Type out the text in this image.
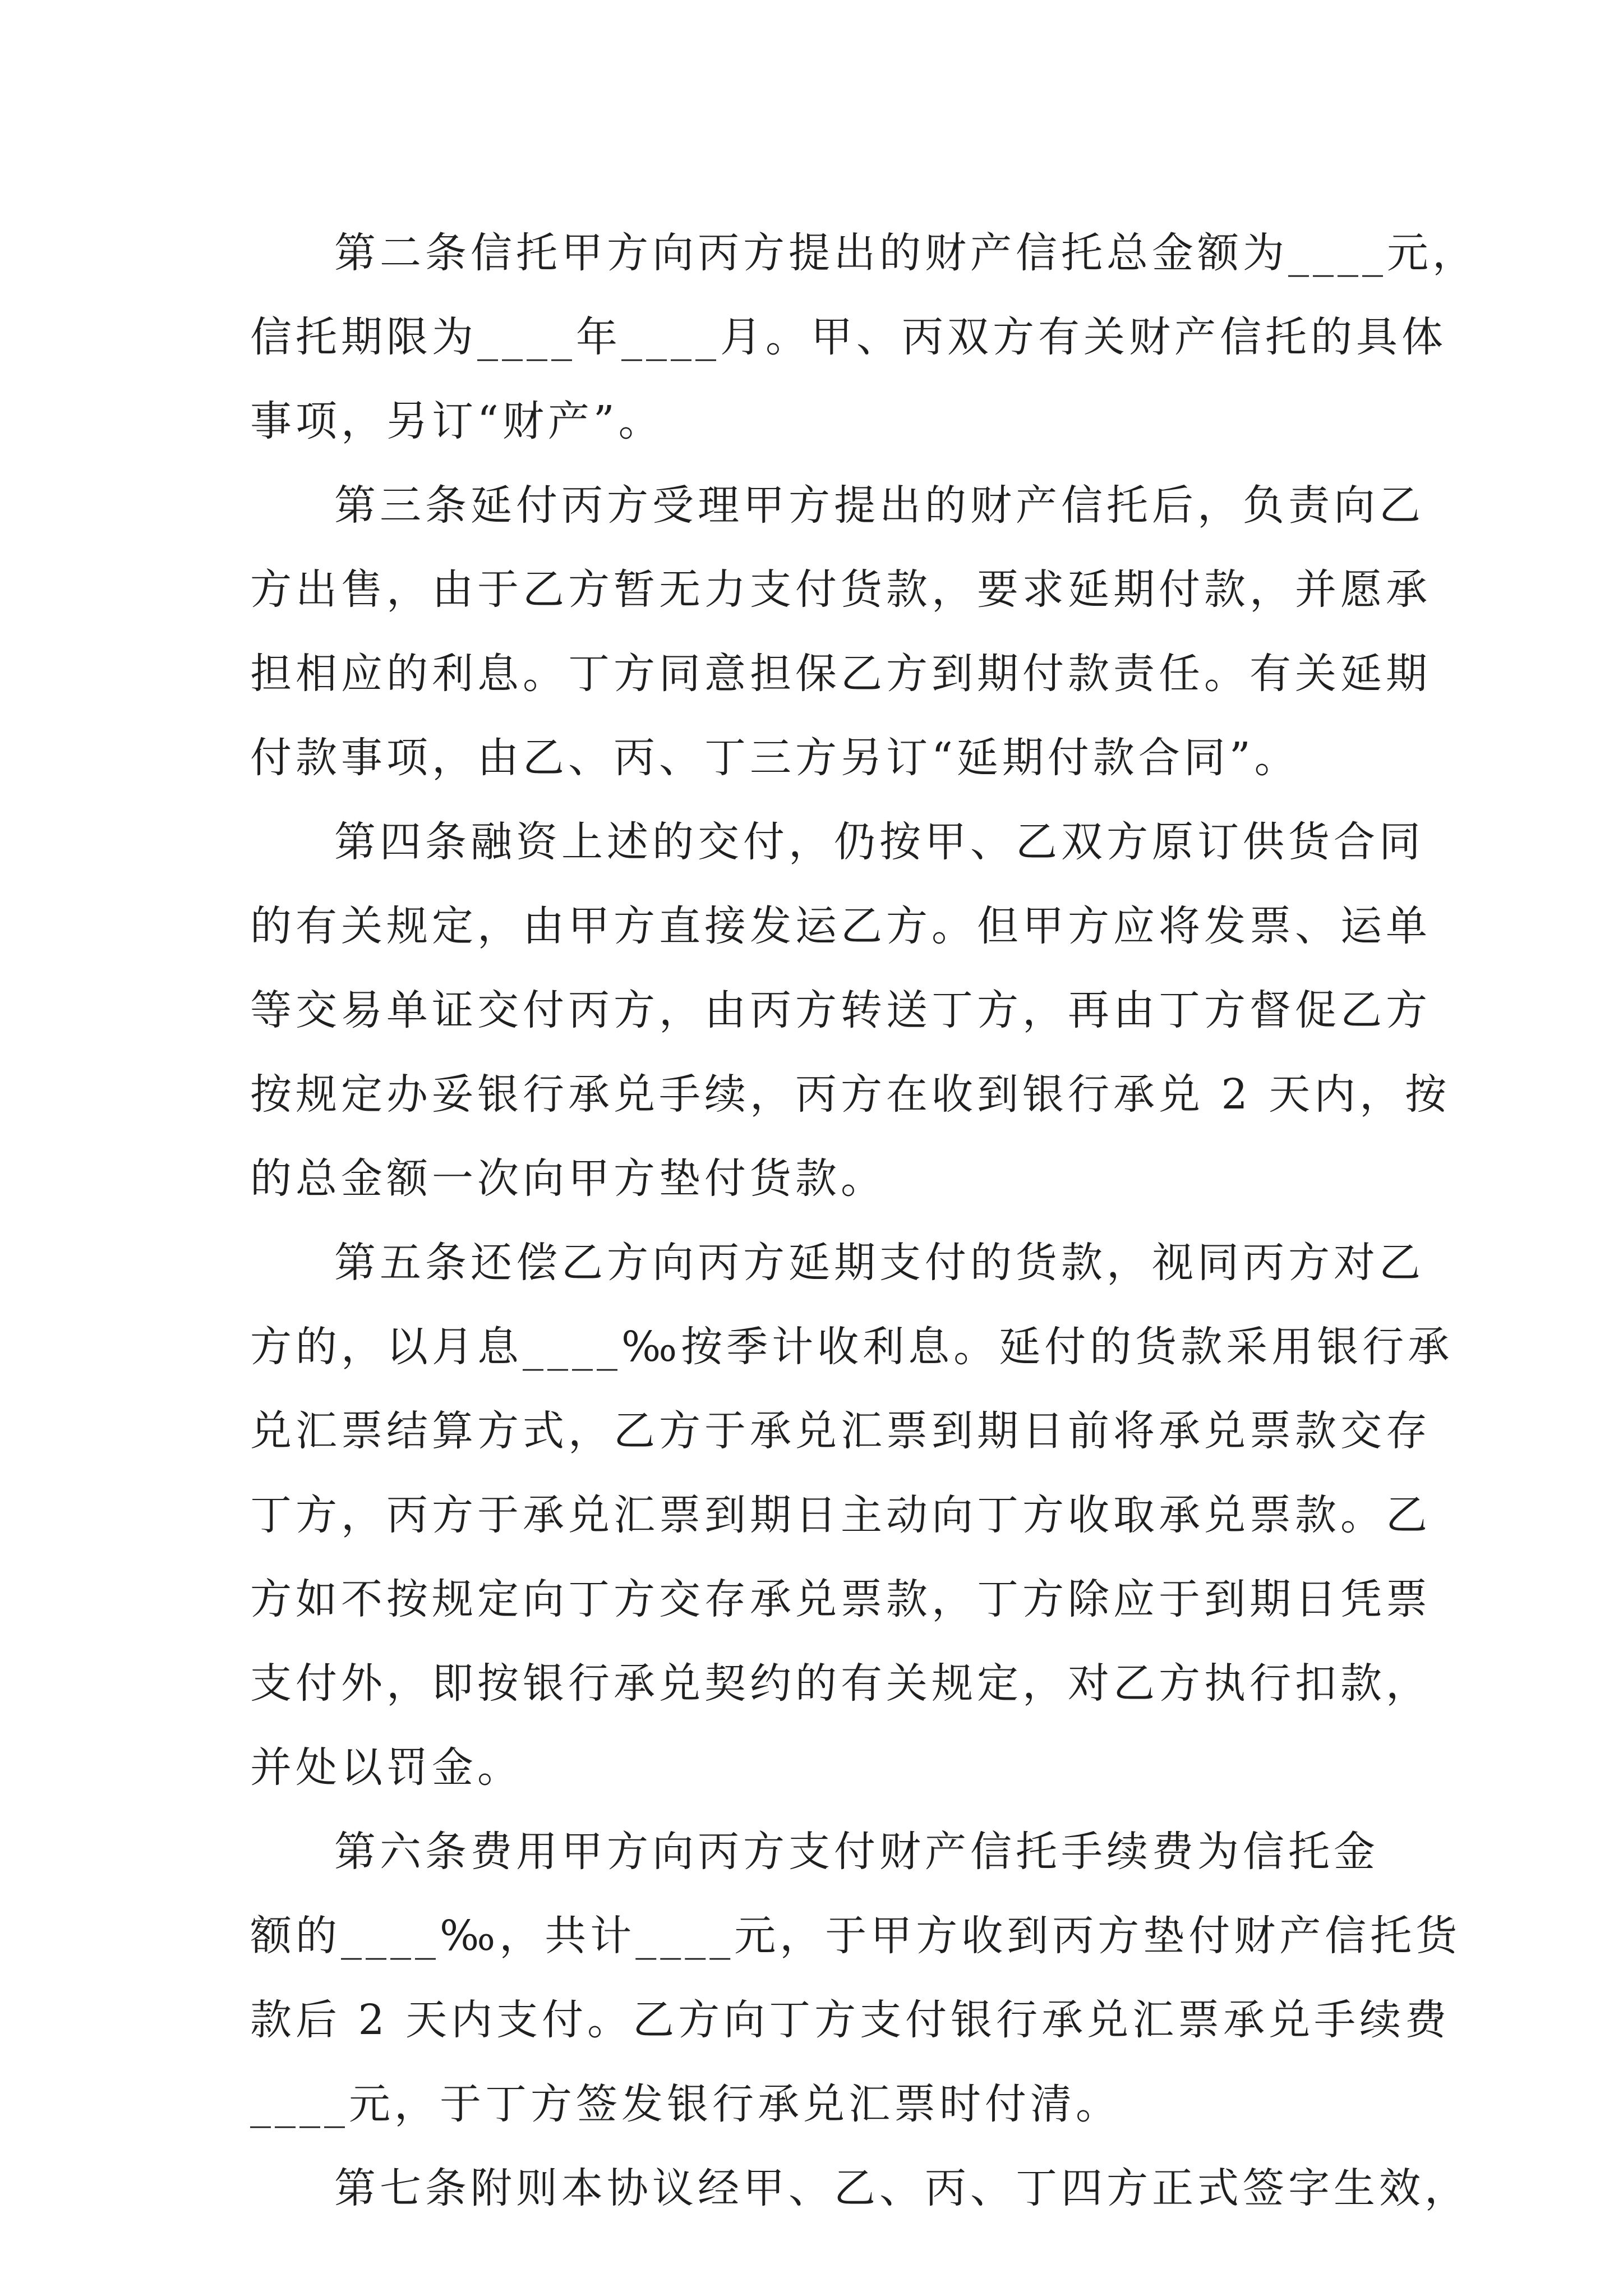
第二条信托甲方向丙方提出的财产信托总金额为____元，
信托期限为____年____月。甲、丙双方有关财产信托的具体
事项，另订“财产”。
第三条延付丙方受理甲方提出的财产信托后，负责向乙
方出售，由于乙方暂无力支付货款，要求延期付款，并愿承
担相应的利息。丁方同意担保乙方到期付款责任。有关延期
付款事项，由乙、丙、丁三方另订“延期付款合同”。
第四条融资上述的交付，仍按甲、乙双方原订供货合同
的有关规定，由甲方直接发运乙方。但甲方应将发票、运单
等交易单证交付丙方，由丙方转送丁方，再由丁方督促乙方
按规定办妥银行承兑手续，丙方在收到银行承兑 2 天内，按
的总金额一次向甲方垫付货款。
第五条还偿乙方向丙方延期支付的货款，视同丙方对乙
方的，以月息____‰按季计收利息。延付的货款采用银行承
兑汇票结算方式，乙方于承兑汇票到期日前将承兑票款交存
丁方，丙方于承兑汇票到期日主动向丁方收取承兑票款。乙
方如不按规定向丁方交存承兑票款，丁方除应于到期日凭票
支付外，即按银行承兑契约的有关规定，对乙方执行扣款，
并处以罚金。
第六条费用甲方向丙方支付财产信托手续费为信托金
额的____‰，共计____元，于甲方收到丙方垫付财产信托货
款后 2 天内支付。乙方向丁方支付银行承兑汇票承兑手续费
____元，于丁方签发银行承兑汇票时付清。
第七条附则本协议经甲、乙、丙、丁四方正式签字生效，
